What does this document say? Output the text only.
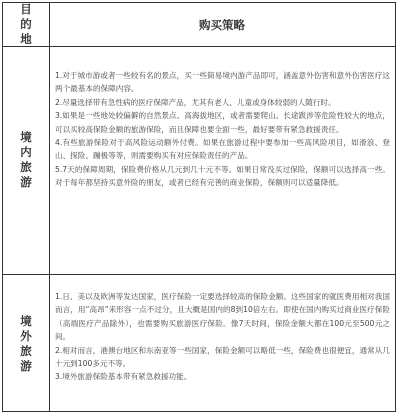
目
的
地
购买策略
境
内
旅
游

1.对于城市游或者一些较有名的景点，买一些简易境内游产品即可，涵盖意外伤害和意外伤害医疗这两个最基本的保障内容。

2.尽量选择带有急性病的医疗保障产品，尤其有老人、儿童或身体较弱的人随行时。

3.如果是一些地处较偏僻的自然景点、高海拔地区，或者需要爬山、长途跋涉等危险性较大的地点，可以买较高保险金额的旅游保险，而且保障也要全面一些，最好要带有紧急救援责任。

4.有些旅游保险对于高风险运动额外付费。如果在旅游过程中要参加一些高风险项目，如滑浪、登山、探险、蹦极等等，则需要购买有对应保险责任的产品。

5.7天的保障周期，保险费价格从几元到几十元不等。如果日常没买过保险，保额可以选择高一些。对于每年都坚持买意外险的朋友，或者已经有完善的商业保险，保额则可以适量降低。

境
外
旅
游

1.日、美以及欧洲等发达国家，医疗保险一定要选择较高的保险金额。这些国家的就医费用相对我国而言，用“高昂”来形容一点不过分，且大概是国内的8到10倍左右。即使在国内购买过商业医疗保险（高端医疗产品除外），也需要购买旅游医疗保险。像7天时间，保险金额大都在100元至500元之间。

2.相对而言，港澳台地区和东南亚等一些国家，保险金额可以略低一些，保险费也很便宜，通常从几十元到100多元不等。

3.境外旅游保险基本带有紧急救援功能。
